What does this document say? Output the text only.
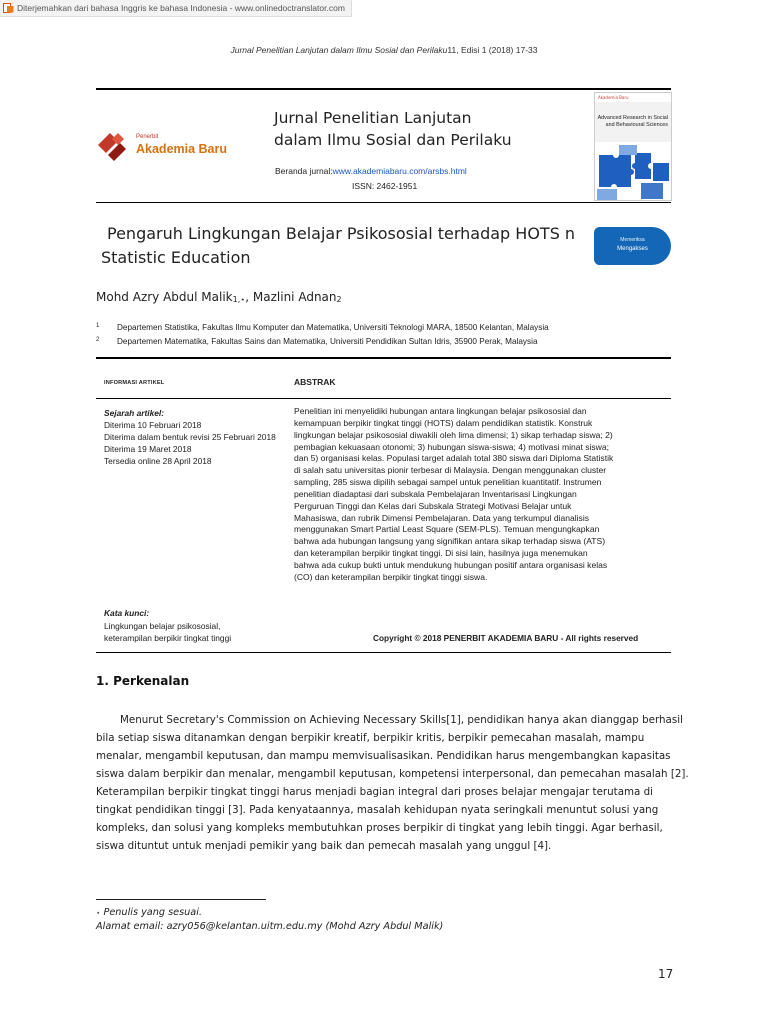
Diterjemahkan dari bahasa Inggris ke bahasa Indonesia - www.onlinedoctranslator.com
Jurnal Penelitian Lanjutan dalam Ilmu Sosial dan Perilaku11, Edisi 1 (2018) 17-33
Penerbit
Akademia Baru
Jurnal Penelitian Lanjutan
dalam Ilmu Sosial dan Perilaku
Beranda jurnal:www.akademiabaru.com/arsbs.html
ISSN: 2462-1951
Akademia Baru
Advanced Research in Social and Behavioural Sciences
Pengaruh Lingkungan Belajar Psikososial terhadap HOTS n
Statistic Education
Memeriksa
Mengakses
Mohd Azry Abdul Malik$_{1,⋆}$, Mazlini Adnan$_2$
1	Departemen Statistika, Fakultas Ilmu Komputer dan Matematika, Universiti Teknologi MARA, 18500 Kelantan, Malaysia
2	Departemen Matematika, Fakultas Sains dan Matematika, Universiti Pendidikan Sultan Idris, 35900 Perak, Malaysia
INFORMASI ARTIKEL	ABSTRAK
Sejarah artikel:
Diterima 10 Februari 2018
Diterima dalam bentuk revisi 25 Februari 2018
Diterima 19 Maret 2018
Tersedia online 28 April 2018
Kata kunci:
Lingkungan belajar psikososial,
keterampilan berpikir tingkat tinggi
Penelitian ini menyelidiki hubungan antara lingkungan belajar psikososial dan
kemampuan berpikir tingkat tinggi (HOTS) dalam pendidikan statistik. Konstruk
lingkungan belajar psikososial diwakili oleh lima dimensi; 1) sikap terhadap siswa; 2)
pembagian kekuasaan otonomi; 3) hubungan siswa-siswa; 4) motivasi minat siswa;
dan 5) organisasi kelas. Populasi target adalah total 380 siswa dari Diploma Statistik
di salah satu universitas pionir terbesar di Malaysia. Dengan menggunakan cluster
sampling, 285 siswa dipilih sebagai sampel untuk penelitian kuantitatif. Instrumen
penelitian diadaptasi dari subskala Pembelajaran Inventarisasi Lingkungan
Perguruan Tinggi dan Kelas dari Subskala Strategi Motivasi Belajar untuk
Mahasiswa, dan rubrik Dimensi Pembelajaran. Data yang terkumpul dianalisis
menggunakan Smart Partial Least Square (SEM-PLS). Temuan mengungkapkan
bahwa ada hubungan langsung yang signifikan antara sikap terhadap siswa (ATS)
dan keterampilan berpikir tingkat tinggi. Di sisi lain, hasilnya juga menemukan
bahwa ada cukup bukti untuk mendukung hubungan positif antara organisasi kelas
(CO) dan keterampilan berpikir tingkat tinggi siswa.
Copyright © 2018 PENERBIT AKADEMIA BARU - All rights reserved
1. Perkenalan
Menurut Secretary's Commission on Achieving Necessary Skills[1], pendidikan hanya akan dianggap berhasil
bila setiap siswa ditanamkan dengan berpikir kreatif, berpikir kritis, berpikir pemecahan masalah, mampu
menalar, mengambil keputusan, dan mampu memvisualisasikan. Pendidikan harus mengembangkan kapasitas
siswa dalam berpikir dan menalar, mengambil keputusan, kompetensi interpersonal, dan pemecahan masalah [2].
Keterampilan berpikir tingkat tinggi harus menjadi bagian integral dari proses belajar mengajar terutama di
tingkat pendidikan tinggi [3]. Pada kenyataannya, masalah kehidupan nyata seringkali menuntut solusi yang
kompleks, dan solusi yang kompleks membutuhkan proses berpikir di tingkat yang lebih tinggi. Agar berhasil,
siswa dituntut untuk menjadi pemikir yang baik dan pemecah masalah yang unggul [4].
⋆ Penulis yang sesuai.
Alamat email: azry056@kelantan.uitm.edu.my (Mohd Azry Abdul Malik)
17
